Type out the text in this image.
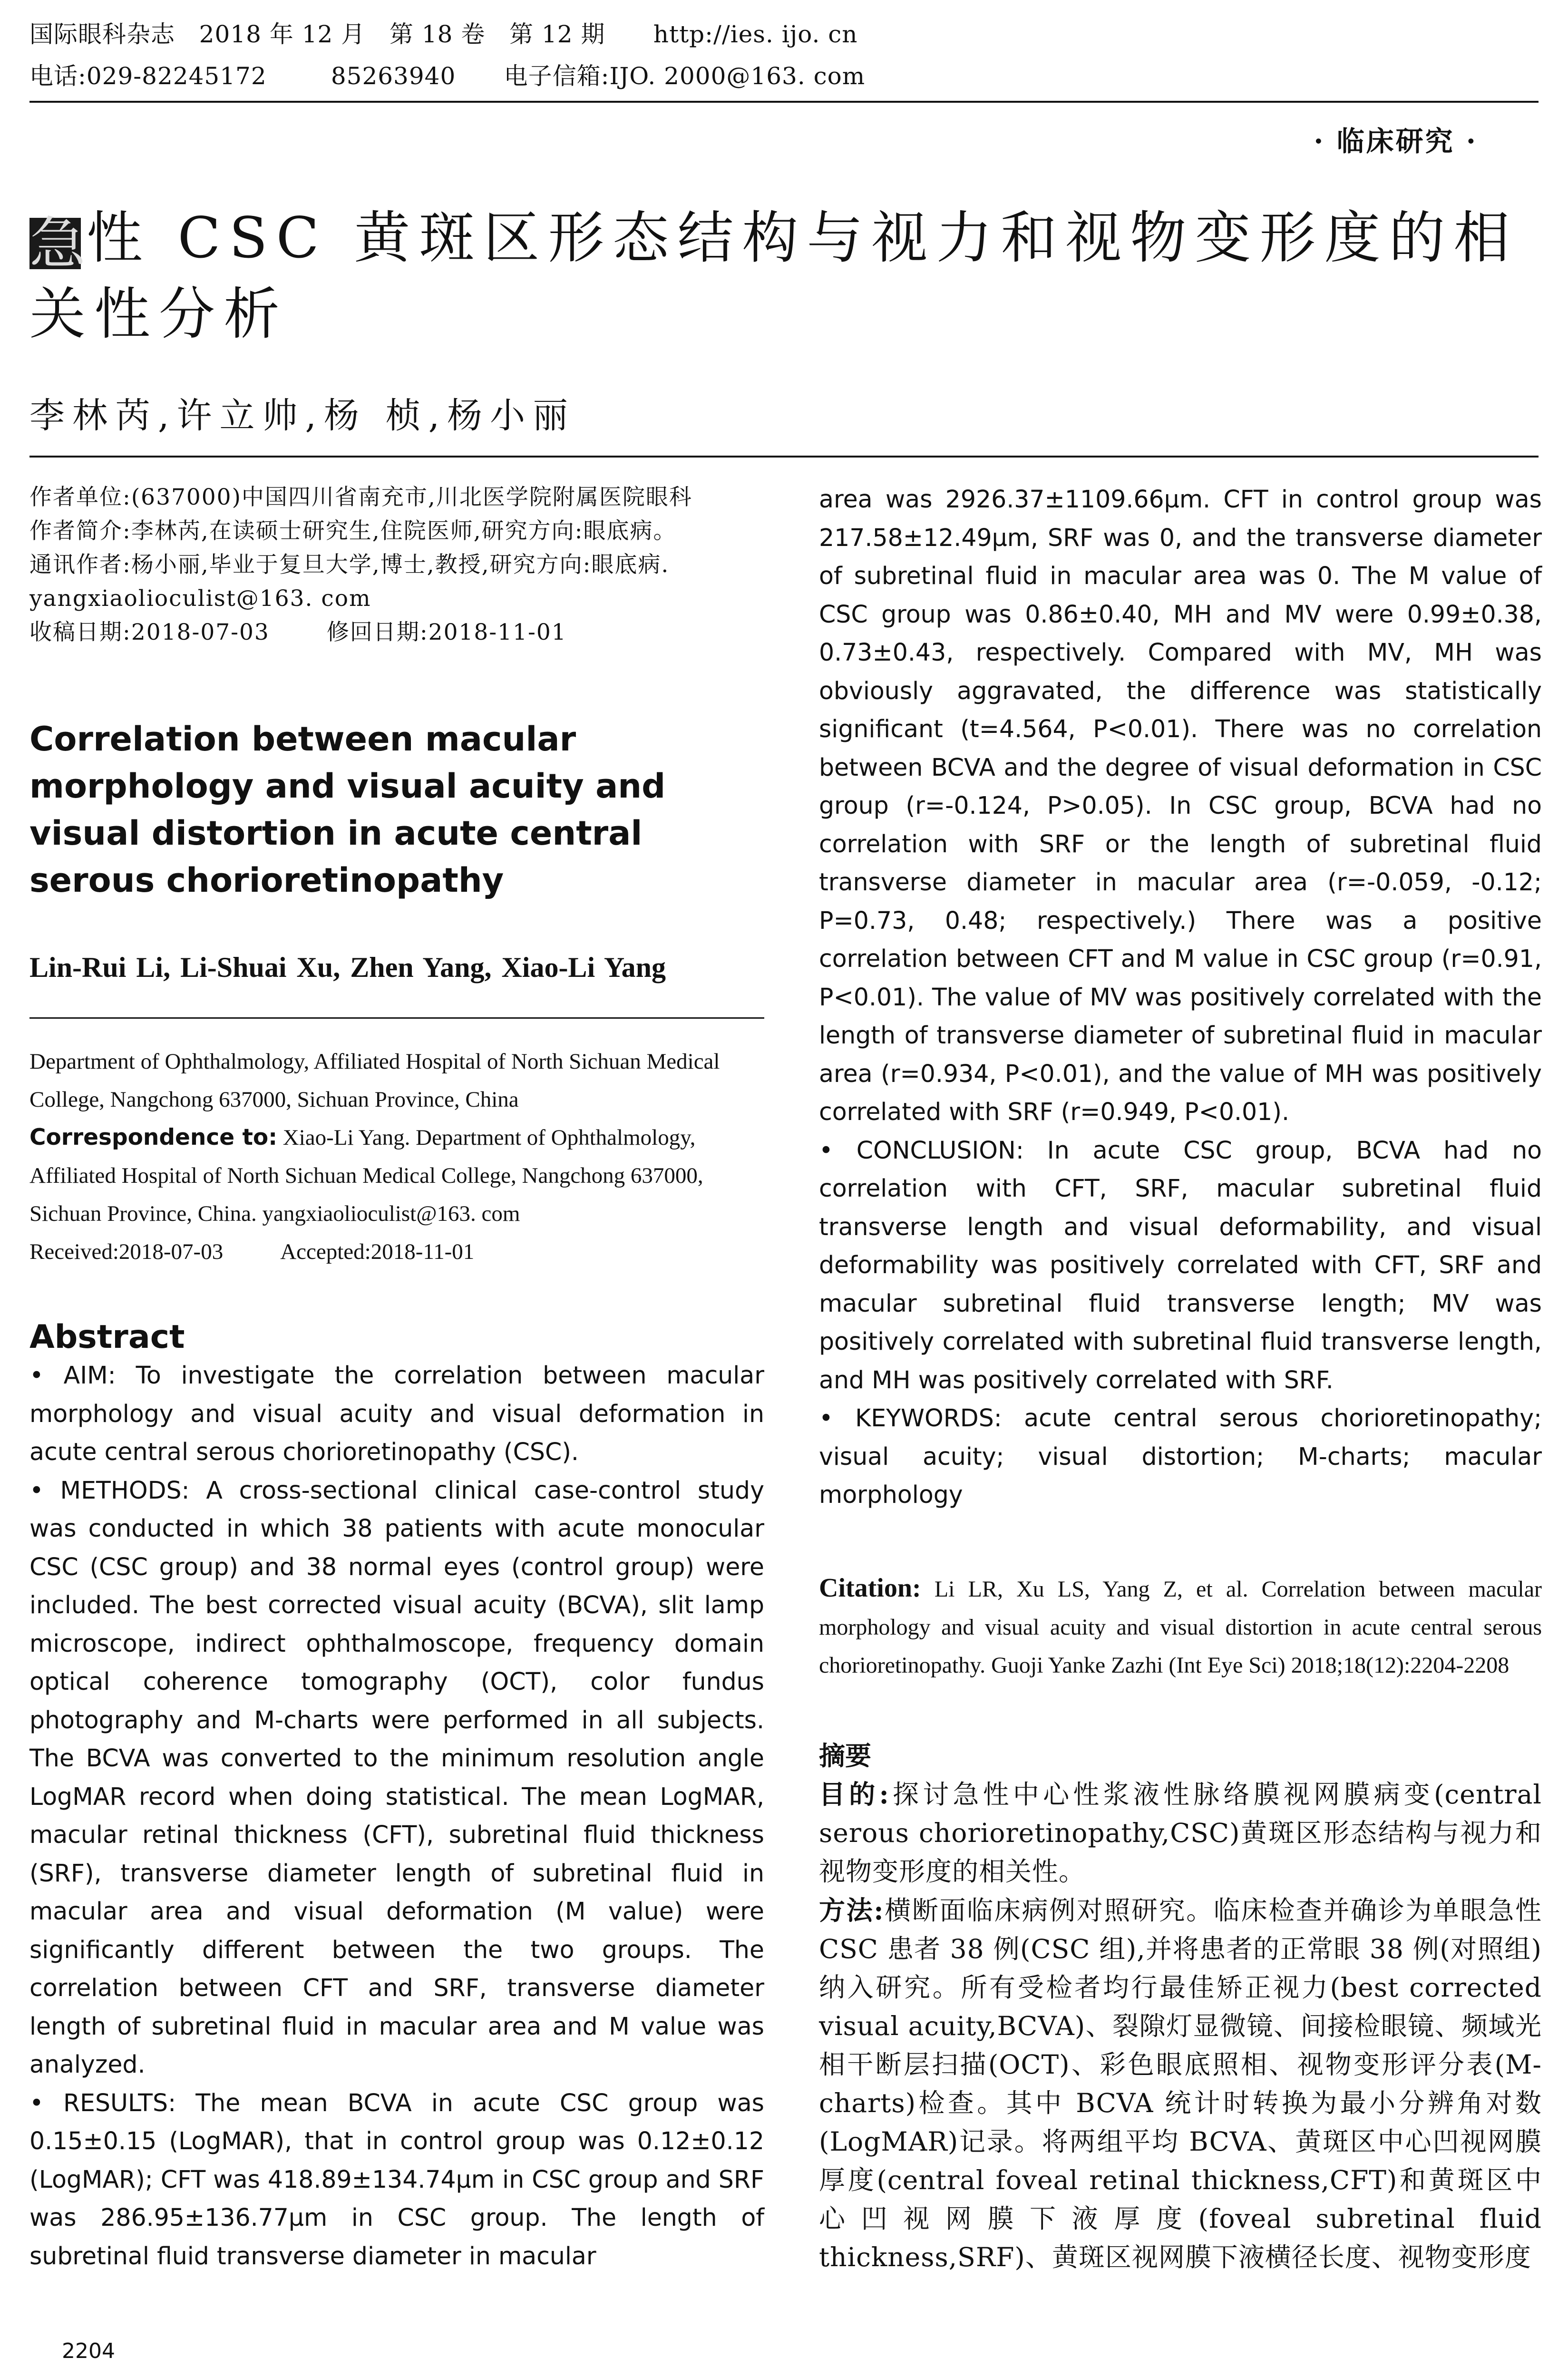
国际眼科杂志   2018 年 12 月   第 18 卷   第 12 期      http://ies. ijo. cn
电话:029-82245172        85263940      电子信箱:IJO. 2000@163. com
· 临床研究 ·
急性 CSC 黄斑区形态结构与视力和视物变形度的相关性分析
李林芮,许立帅,杨 桢,杨小丽
作者单位:(637000)中国四川省南充市,川北医学院附属医院眼科
作者简介:李林芮,在读硕士研究生,住院医师,研究方向:眼底病。
通讯作者:杨小丽,毕业于复旦大学,博士,教授,研究方向:眼底病. yangxiaolioculist@163. com
收稿日期:2018-07-03	修回日期:2018-11-01
Correlation between macular morphology and visual acuity and visual distortion in acute central serous chorioretinopathy
Lin-Rui Li, Li-Shuai Xu, Zhen Yang, Xiao-Li Yang
Department of Ophthalmology, Affiliated Hospital of North Sichuan Medical College, Nangchong 637000, Sichuan Province, China
Correspondence to: Xiao-Li Yang. Department of Ophthalmology, Affiliated Hospital of North Sichuan Medical College, Nangchong 637000, Sichuan Province, China. yangxiaolioculist@163. com
Received:2018-07-03	Accepted:2018-11-01
Abstract

• AIM: To investigate the correlation between macular morphology and visual acuity and visual deformation in acute central serous chorioretinopathy (CSC).

• METHODS: A cross-sectional clinical case-control study was conducted in which 38 patients with acute monocular CSC (CSC group) and 38 normal eyes (control group) were included. The best corrected visual acuity (BCVA), slit lamp microscope, indirect ophthalmoscope, frequency domain optical coherence tomography (OCT), color fundus photography and M-charts were performed in all subjects. The BCVA was converted to the minimum resolution angle LogMAR record when doing statistical. The mean LogMAR, macular retinal thickness (CFT), subretinal fluid thickness (SRF), transverse diameter length of subretinal fluid in macular area and visual deformation (M value) were significantly different between the two groups. The correlation between CFT and SRF, transverse diameter length of subretinal fluid in macular area and M value was analyzed.

• RESULTS: The mean BCVA in acute CSC group was 0.15±0.15 (LogMAR), that in control group was 0.12±0.12 (LogMAR); CFT was 418.89±134.74μm in CSC group and SRF was 286.95±136.77μm in CSC group. The length of subretinal fluid transverse diameter in macular

area was 2926.37±1109.66μm. CFT in control group was 217.58±12.49μm, SRF was 0, and the transverse diameter of subretinal fluid in macular area was 0. The M value of CSC group was 0.86±0.40, MH and MV were 0.99±0.38, 0.73±0.43, respectively. Compared with MV, MH was obviously aggravated, the difference was statistically significant (t=4.564, P<0.01). There was no correlation between BCVA and the degree of visual deformation in CSC group (r=-0.124, P>0.05). In CSC group, BCVA had no correlation with SRF or the length of subretinal fluid transverse diameter in macular area (r=-0.059, -0.12; P=0.73, 0.48; respectively.) There was a positive correlation between CFT and M value in CSC group (r=0.91, P<0.01). The value of MV was positively correlated with the length of transverse diameter of subretinal fluid in macular area (r=0.934, P<0.01), and the value of MH was positively correlated with SRF (r=0.949, P<0.01).

• CONCLUSION: In acute CSC group, BCVA had no correlation with CFT, SRF, macular subretinal fluid transverse length and visual deformability, and visual deformability was positively correlated with CFT, SRF and macular subretinal fluid transverse length; MV was positively correlated with subretinal fluid transverse length, and MH was positively correlated with SRF.

• KEYWORDS: acute central serous chorioretinopathy; visual acuity; visual distortion; M-charts; macular morphology

Citation: Li LR, Xu LS, Yang Z, et al. Correlation between macular morphology and visual acuity and visual distortion in acute central serous chorioretinopathy. Guoji Yanke Zazhi (Int Eye Sci) 2018;18(12):2204-2208
摘要

目的:探讨急性中心性浆液性脉络膜视网膜病变(central serous chorioretinopathy,CSC)黄斑区形态结构与视力和视物变形度的相关性。

方法:横断面临床病例对照研究。临床检查并确诊为单眼急性 CSC 患者 38 例(CSC 组),并将患者的正常眼 38 例(对照组)纳入研究。所有受检者均行最佳矫正视力(best corrected visual acuity,BCVA)、裂隙灯显微镜、间接检眼镜、频域光相干断层扫描(OCT)、彩色眼底照相、视物变形评分表(M-charts)检查。其中 BCVA 统计时转换为最小分辨角对数(LogMAR)记录。将两组平均 BCVA、黄斑区中心凹视网膜厚度(central foveal retinal thickness,CFT)和黄斑区中心凹视网膜下液厚度(foveal subretinal fluid thickness,SRF)、黄斑区视网膜下液横径长度、视物变形度

2204
